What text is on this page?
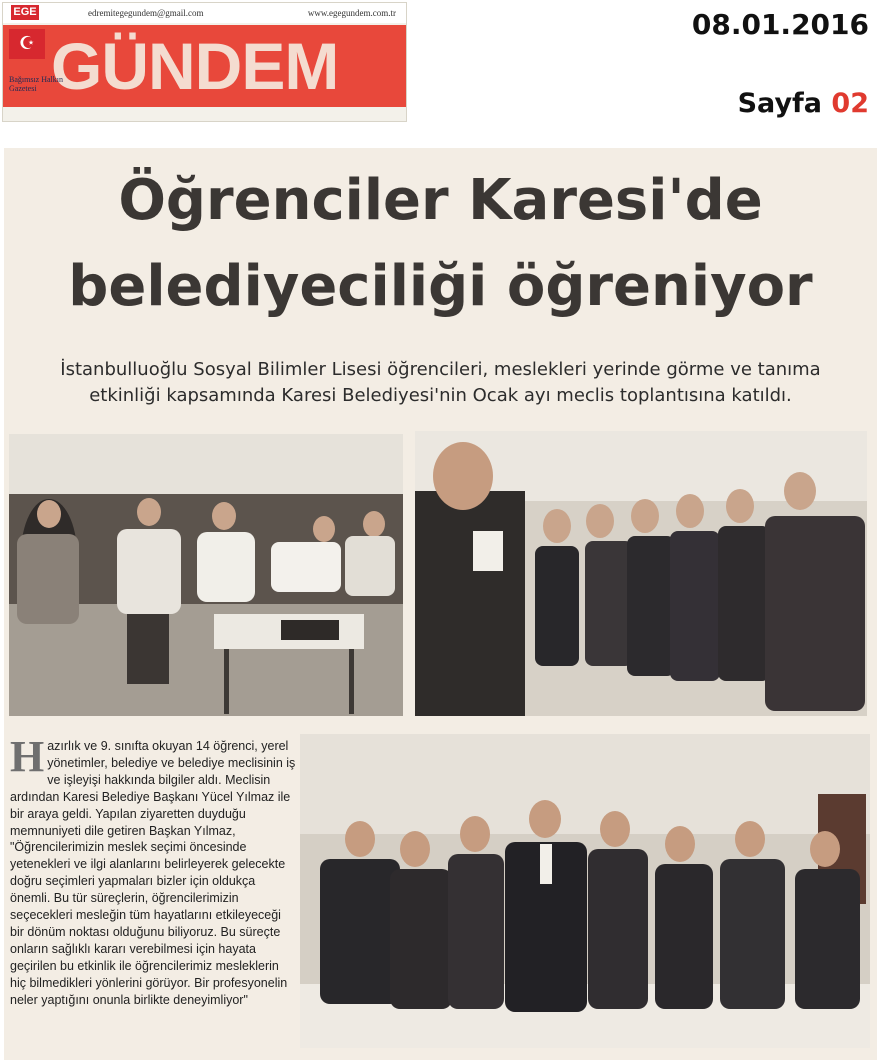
EGE	edremitegegundem@gmail.com	www.egegundem.com.tr
☪ GÜNDEM
Bağımsız Halkın Gazetesi
08.01.2016
Sayfa 02
Öğrenciler Karesi'de
belediyeciliği öğreniyor
İstanbulluoğlu Sosyal Bilimler Lisesi öğrencileri, meslekleri yerinde görme ve tanıma
etkinliği kapsamında Karesi Belediyesi'nin Ocak ayı meclis toplantısına katıldı.
H azırlık ve 9. sınıfta okuyan 14 öğrenci, yerel yönetimler, belediye ve belediye meclisinin iş ve işleyişi hakkında bilgiler aldı. Meclisin ardından Karesi Belediye Başkanı Yücel Yılmaz ile bir araya geldi. Yapılan ziyaretten duyduğu memnuniyeti dile getiren Başkan Yılmaz, "Öğrencilerimizin meslek seçimi öncesinde yetenekleri ve ilgi alanlarını belirleyerek gelecekte doğru seçimleri yapmaları bizler için oldukça önemli. Bu tür süreçlerin, öğrencilerimizin seçecekleri mesleğin tüm hayatlarını etkileyeceği bir dönüm noktası olduğunu biliyoruz. Bu süreçte onların sağlıklı kararı verebilmesi için hayata geçirilen bu etkinlik ile öğrencilerimiz mesleklerin hiç bilmedikleri yönlerini görüyor. Bir profesyonelin neler yaptığını onunla birlikte deneyimliyor"
